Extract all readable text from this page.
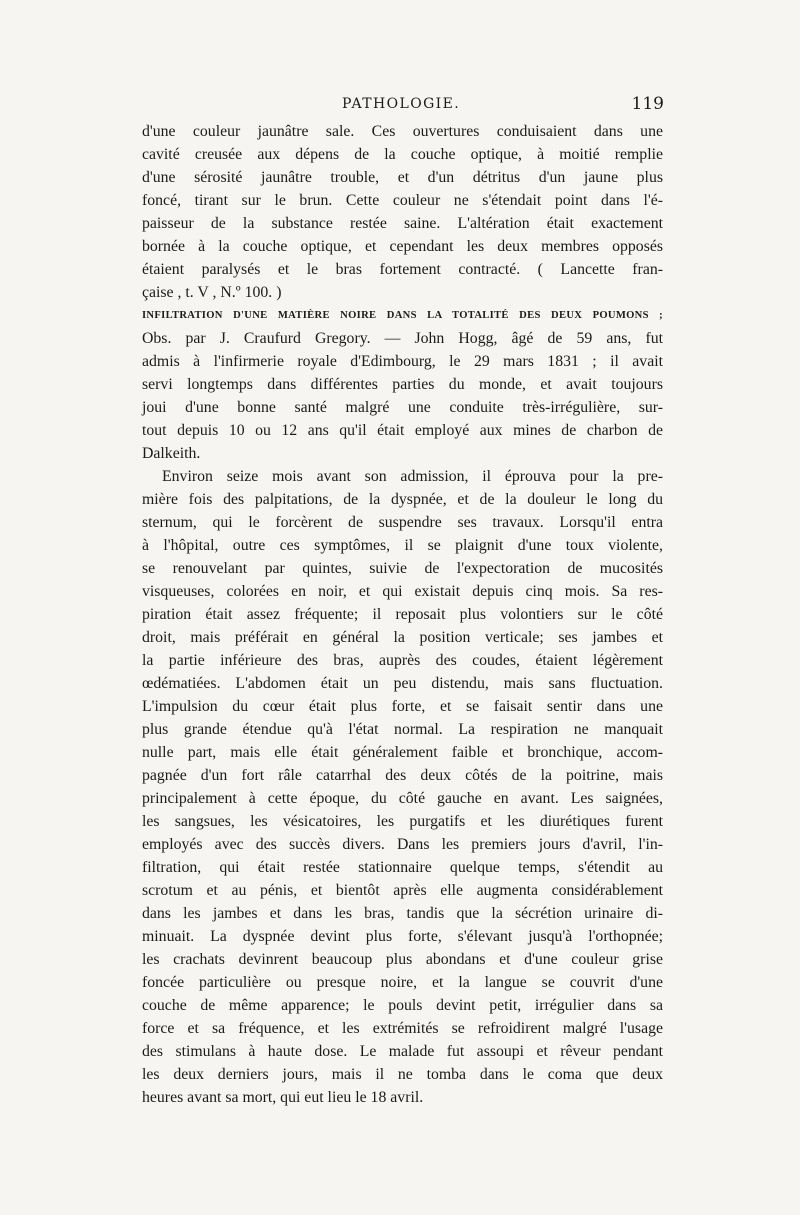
PATHOLOGIE.	119
d'une couleur jaunâtre sale. Ces ouvertures conduisaient dans une
cavité creusée aux dépens de la couche optique, à moitié remplie
d'une sérosité jaunâtre trouble, et d'un détritus d'un jaune plus
foncé, tirant sur le brun. Cette couleur ne s'étendait point dans l'é-
paisseur de la substance restée saine. L'altération était exactement
bornée à la couche optique, et cependant les deux membres opposés
étaient paralysés et le bras fortement contracté. ( Lancette fran-
çaise , t. V , N.º 100. )
INFILTRATION D'UNE MATIÈRE NOIRE DANS LA TOTALITÉ DES DEUX POUMONS ;
Obs. par J. Craufurd Gregory. — John Hogg, âgé de 59 ans, fut
admis à l'infirmerie royale d'Edimbourg, le 29 mars 1831 ; il avait
servi longtemps dans différentes parties du monde, et avait toujours
joui d'une bonne santé malgré une conduite très-irrégulière, sur-
tout depuis 10 ou 12 ans qu'il était employé aux mines de charbon de
Dalkeith.
Environ seize mois avant son admission, il éprouva pour la pre-
mière fois des palpitations, de la dyspnée, et de la douleur le long du
sternum, qui le forcèrent de suspendre ses travaux. Lorsqu'il entra
à l'hôpital, outre ces symptômes, il se plaignit d'une toux violente,
se renouvelant par quintes, suivie de l'expectoration de mucosités
visqueuses, colorées en noir, et qui existait depuis cinq mois. Sa res-
piration était assez fréquente; il reposait plus volontiers sur le côté
droit, mais préférait en général la position verticale; ses jambes et
la partie inférieure des bras, auprès des coudes, étaient légèrement
œdématiées. L'abdomen était un peu distendu, mais sans fluctuation.
L'impulsion du cœur était plus forte, et se faisait sentir dans une
plus grande étendue qu'à l'état normal. La respiration ne manquait
nulle part, mais elle était généralement faible et bronchique, accom-
pagnée d'un fort râle catarrhal des deux côtés de la poitrine, mais
principalement à cette époque, du côté gauche en avant. Les saignées,
les sangsues, les vésicatoires, les purgatifs et les diurétiques furent
employés avec des succès divers. Dans les premiers jours d'avril, l'in-
filtration, qui était restée stationnaire quelque temps, s'étendit au
scrotum et au pénis, et bientôt après elle augmenta considérablement
dans les jambes et dans les bras, tandis que la sécrétion urinaire di-
minuait. La dyspnée devint plus forte, s'élevant jusqu'à l'orthopnée;
les crachats devinrent beaucoup plus abondans et d'une couleur grise
foncée particulière ou presque noire, et la langue se couvrit d'une
couche de même apparence; le pouls devint petit, irrégulier dans sa
force et sa fréquence, et les extrémités se refroidirent malgré l'usage
des stimulans à haute dose. Le malade fut assoupi et rêveur pendant
les deux derniers jours, mais il ne tomba dans le coma que deux
heures avant sa mort, qui eut lieu le 18 avril.
